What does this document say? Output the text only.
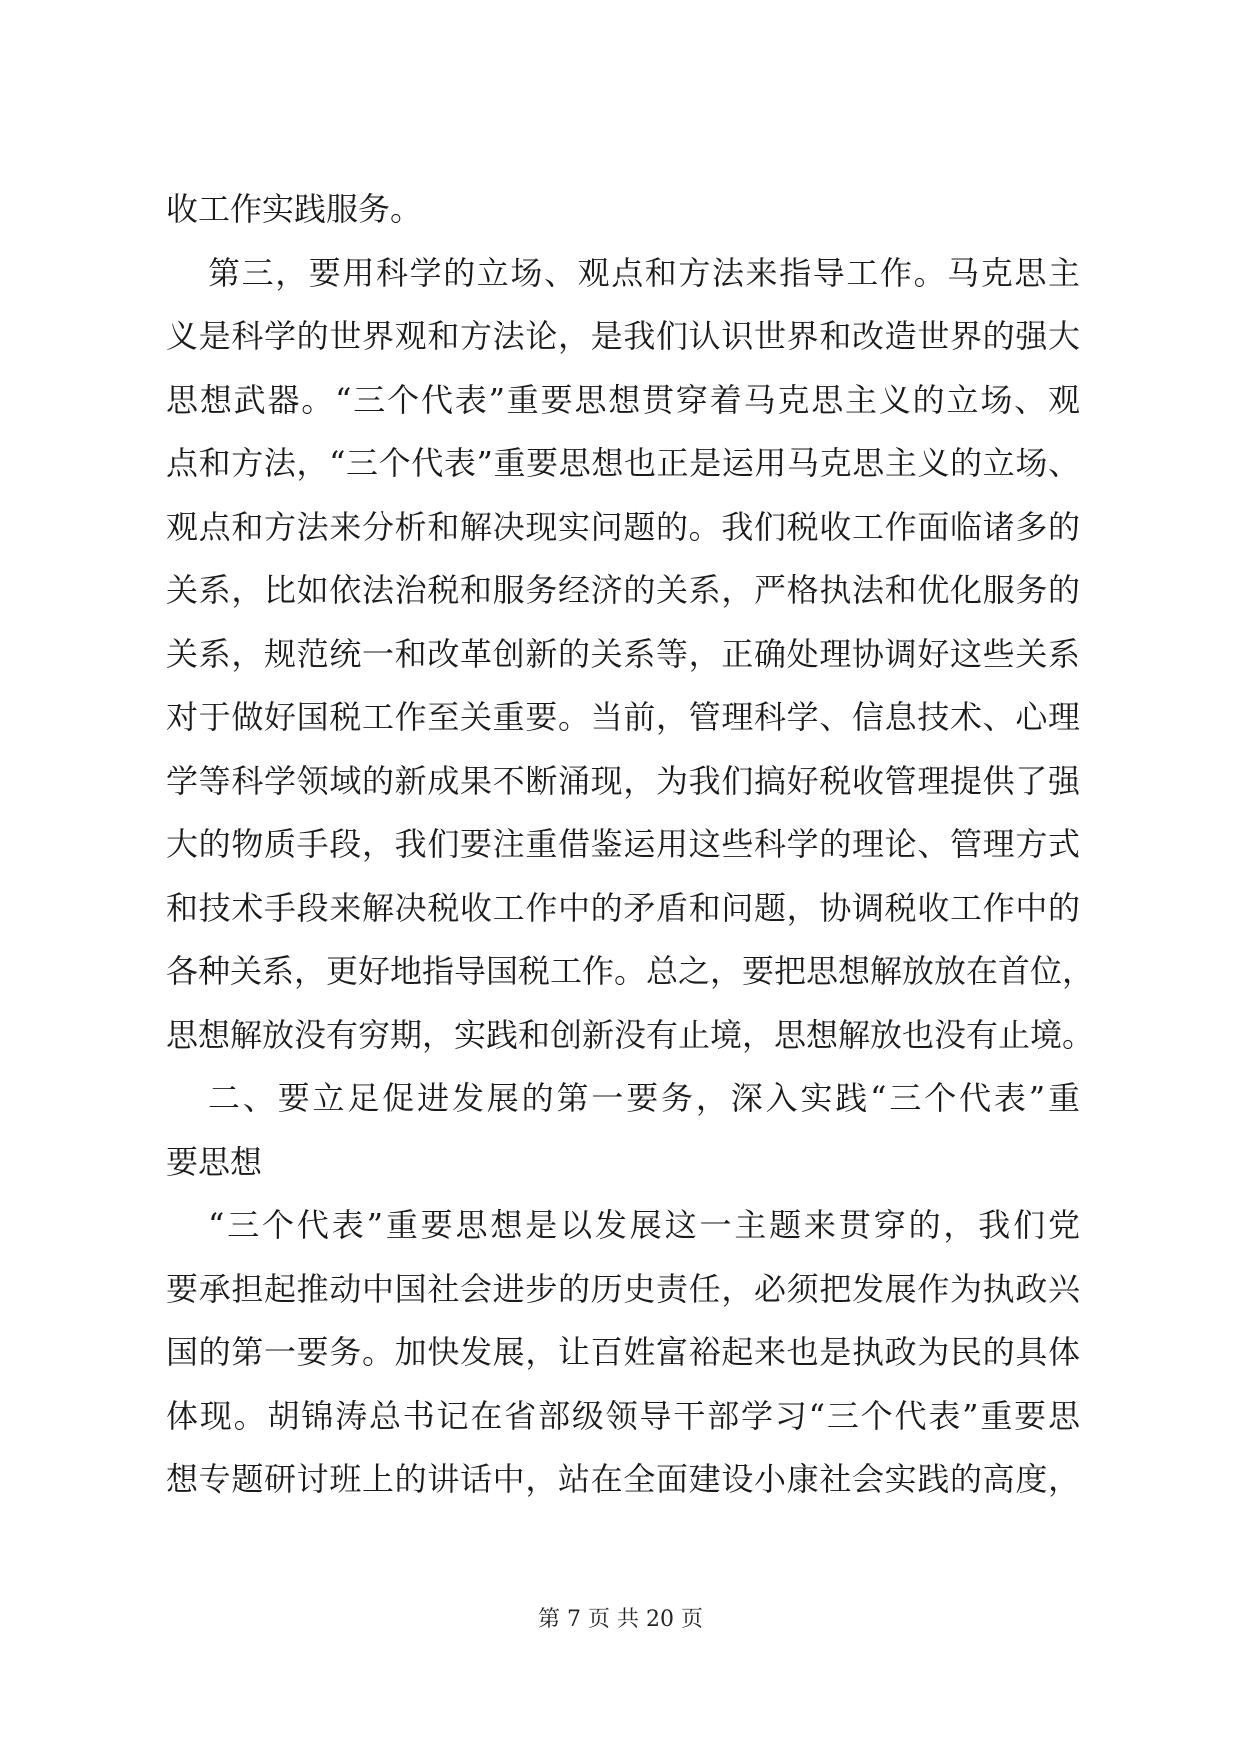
收工作实践服务。
第三，要用科学的立场、观点和方法来指导工作。马克思主
义是科学的世界观和方法论，是我们认识世界和改造世界的强大
思想武器。“三个代表”重要思想贯穿着马克思主义的立场、观
点和方法，“三个代表”重要思想也正是运用马克思主义的立场、
观点和方法来分析和解决现实问题的。我们税收工作面临诸多的
关系，比如依法治税和服务经济的关系，严格执法和优化服务的
关系，规范统一和改革创新的关系等，正确处理协调好这些关系
对于做好国税工作至关重要。当前，管理科学、信息技术、心理
学等科学领域的新成果不断涌现，为我们搞好税收管理提供了强
大的物质手段，我们要注重借鉴运用这些科学的理论、管理方式
和技术手段来解决税收工作中的矛盾和问题，协调税收工作中的
各种关系，更好地指导国税工作。总之，要把思想解放放在首位，
思想解放没有穷期，实践和创新没有止境，思想解放也没有止境。
二、要立足促进发展的第一要务，深入实践“三个代表”重
要思想
“三个代表”重要思想是以发展这一主题来贯穿的，我们党
要承担起推动中国社会进步的历史责任，必须把发展作为执政兴
国的第一要务。加快发展，让百姓富裕起来也是执政为民的具体
体现。胡锦涛总书记在省部级领导干部学习“三个代表”重要思
想专题研讨班上的讲话中，站在全面建设小康社会实践的高度，
第 7 页 共 20 页
